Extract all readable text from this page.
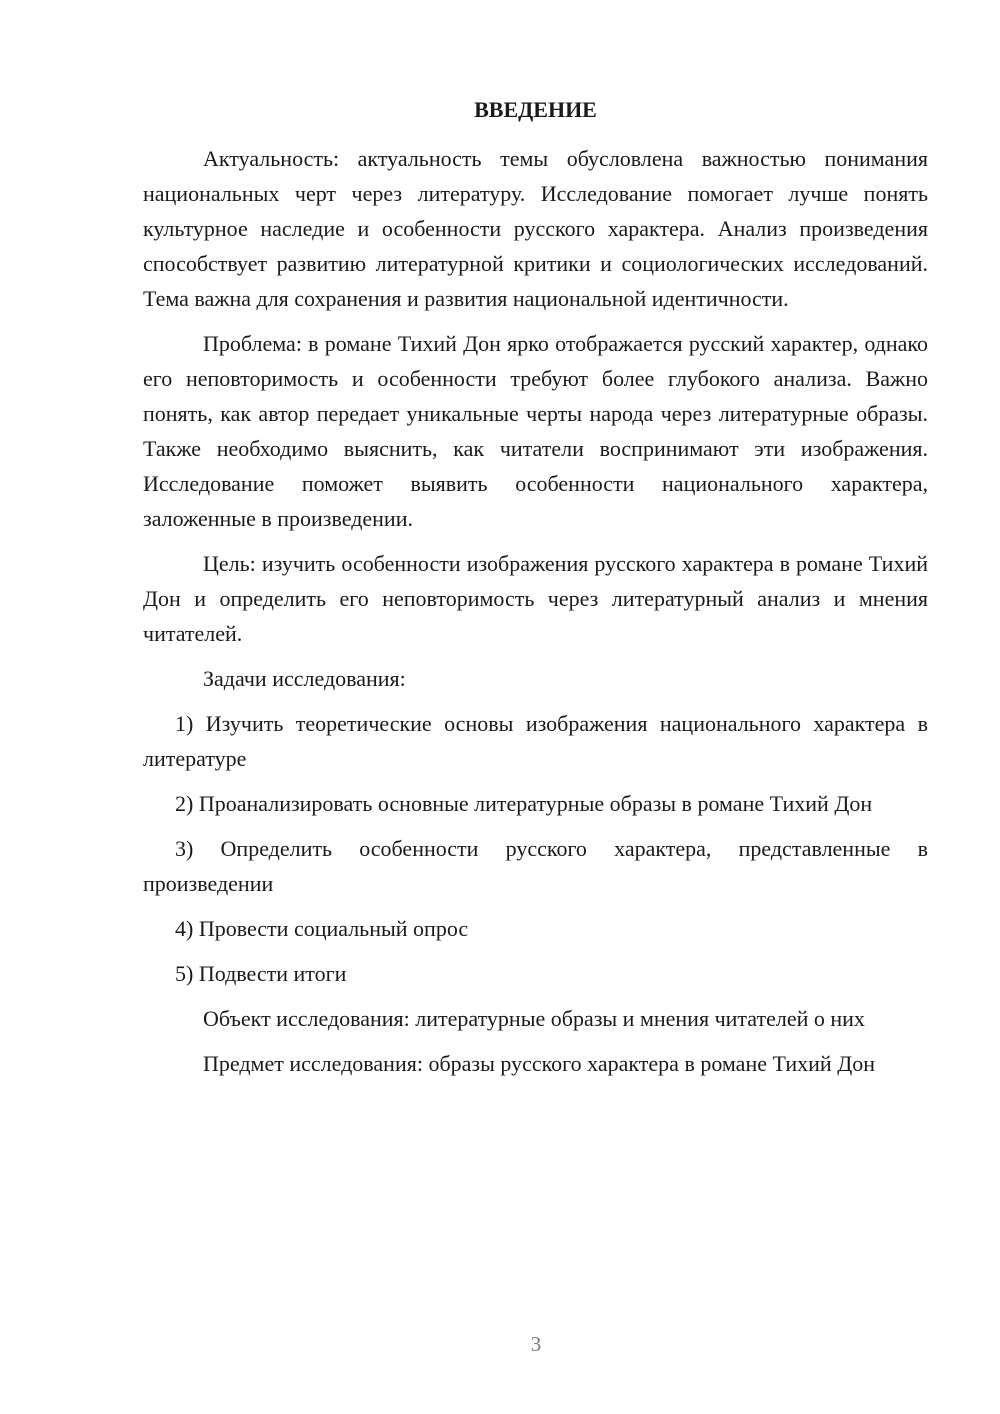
ВВЕДЕНИЕ

Актуальность: актуальность темы обусловлена важностью понимания национальных черт через литературу. Исследование помогает лучше понять культурное наследие и особенности русского характера. Анализ произведения способствует развитию литературной критики и социологических исследований. Тема важна для сохранения и развития национальной идентичности.

Проблема: в романе Тихий Дон ярко отображается русский характер, однако его неповторимость и особенности требуют более глубокого анализа. Важно понять, как автор передает уникальные черты народа через литературные образы. Также необходимо выяснить, как читатели воспринимают эти изображения. Исследование поможет выявить особенности национального характера, заложенные в произведении.

Цель: изучить особенности изображения русского характера в романе Тихий Дон и определить его неповторимость через литературный анализ и мнения читателей.

Задачи исследования:

1) Изучить теоретические основы изображения национального характера в литературе

2) Проанализировать основные литературные образы в романе Тихий Дон

3) Определить особенности русского характера, представленные в произведении

4) Провести социальный опрос

5) Подвести итоги

Объект исследования: литературные образы и мнения читателей о них

Предмет исследования: образы русского характера в романе Тихий Дон

3
